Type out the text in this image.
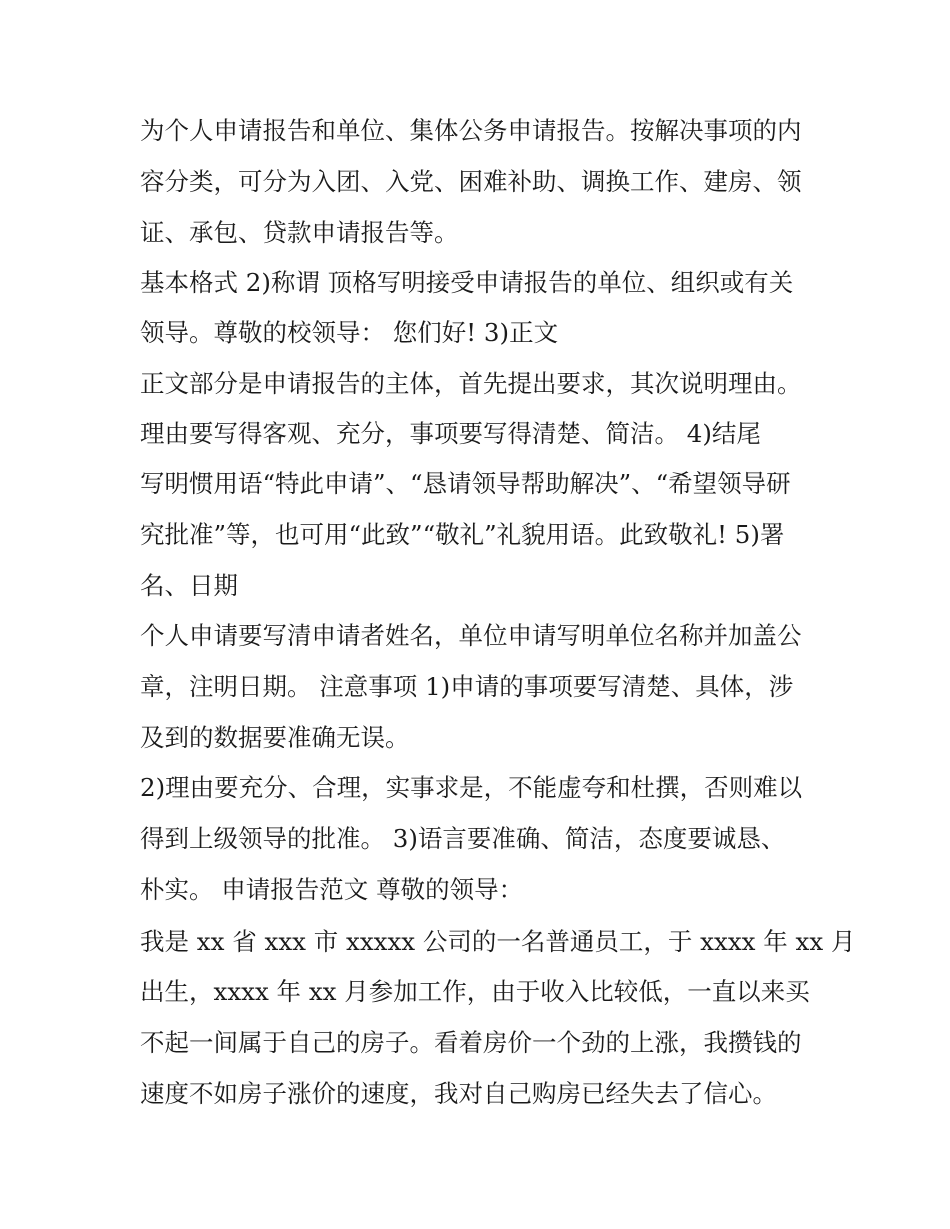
为个人申请报告和单位、集体公务申请报告。按解决事项的内
容分类，可分为入团、入党、困难补助、调换工作、建房、领
证、承包、贷款申请报告等。
基本格式 2)称谓 顶格写明接受申请报告的单位、组织或有关
领导。尊敬的校领导： 您们好! 3)正文
正文部分是申请报告的主体，首先提出要求，其次说明理由。
理由要写得客观、充分，事项要写得清楚、简洁。 4)结尾
写明惯用语“特此申请”、“恳请领导帮助解决”、“希望领导研
究批准”等，也可用“此致”“敬礼”礼貌用语。此致敬礼! 5)署
名、日期
个人申请要写清申请者姓名，单位申请写明单位名称并加盖公
章，注明日期。 注意事项 1)申请的事项要写清楚、具体，涉
及到的数据要准确无误。
2)理由要充分、合理，实事求是，不能虚夸和杜撰，否则难以
得到上级领导的批准。 3)语言要准确、简洁，态度要诚恳、
朴实。 申请报告范文 尊敬的领导：
我是 xx 省 xxx 市 xxxxx 公司的一名普通员工，于 xxxx 年 xx 月
出生，xxxx 年 xx 月参加工作，由于收入比较低，一直以来买
不起一间属于自己的房子。看着房价一个劲的上涨，我攒钱的
速度不如房子涨价的速度，我对自己购房已经失去了信心。
